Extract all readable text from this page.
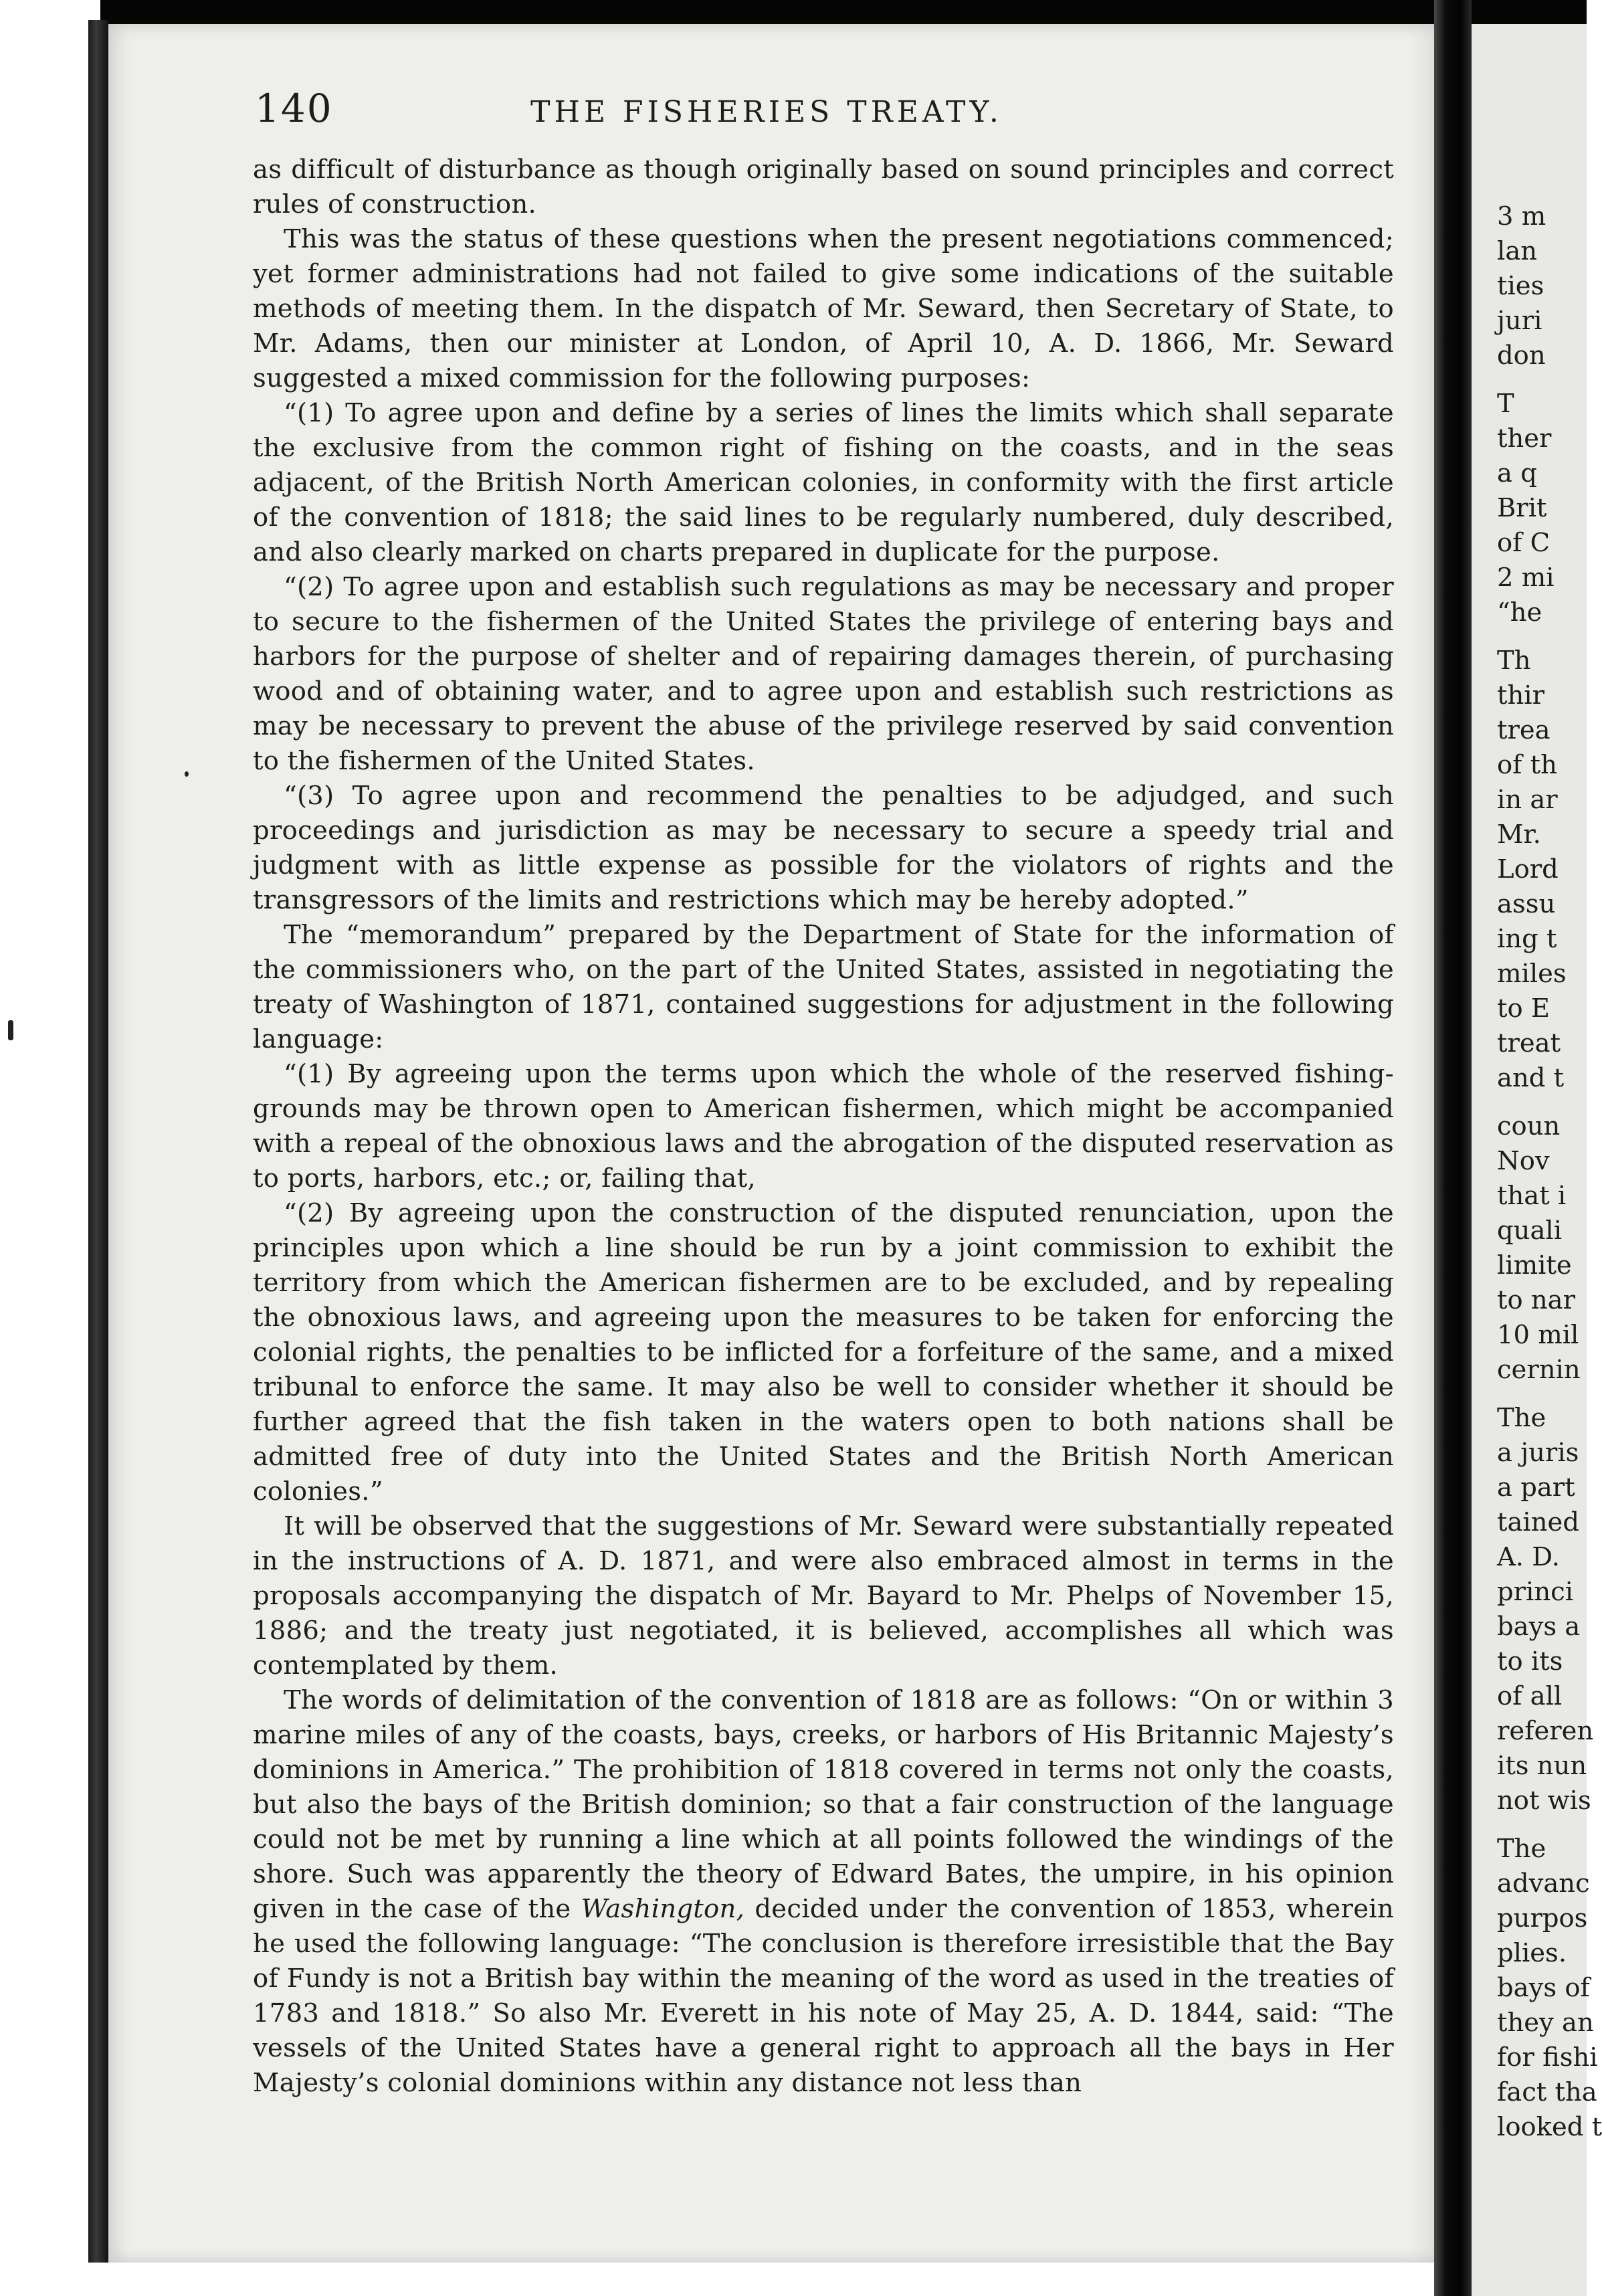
140	THE FISHERIES TREATY.

as difficult of disturbance as though originally based on sound principles and correct rules of construction.

This was the status of these questions when the present negotiations commenced; yet former administrations had not failed to give some indications of the suitable methods of meeting them. In the dispatch of Mr. Seward, then Secretary of State, to Mr. Adams, then our minister at London, of April 10, A. D. 1866, Mr. Seward suggested a mixed commission for the following purposes:

“(1) To agree upon and define by a series of lines the limits which shall separate the exclusive from the common right of fishing on the coasts, and in the seas adjacent, of the British North American colonies, in conformity with the first article of the convention of 1818; the said lines to be regularly numbered, duly described, and also clearly marked on charts prepared in duplicate for the purpose.

“(2) To agree upon and establish such regulations as may be necessary and proper to secure to the fishermen of the United States the privilege of entering bays and harbors for the purpose of shelter and of repairing damages therein, of purchasing wood and of obtaining water, and to agree upon and establish such restrictions as may be necessary to prevent the abuse of the privilege reserved by said convention to the fishermen of the United States.

“(3) To agree upon and recommend the penalties to be adjudged, and such proceedings and jurisdiction as may be necessary to secure a speedy trial and judgment with as little expense as possible for the violators of rights and the transgressors of the limits and restrictions which may be hereby adopted.”

The “memorandum” prepared by the Department of State for the information of the commissioners who, on the part of the United States, assisted in negotiating the treaty of Washington of 1871, contained suggestions for adjustment in the following language:

“(1) By agreeing upon the terms upon which the whole of the reserved fishing-grounds may be thrown open to American fishermen, which might be accompanied with a repeal of the obnoxious laws and the abrogation of the disputed reservation as to ports, harbors, etc.; or, failing that,

“(2) By agreeing upon the construction of the disputed renunciation, upon the principles upon which a line should be run by a joint commission to exhibit the territory from which the American fishermen are to be excluded, and by repealing the obnoxious laws, and agreeing upon the measures to be taken for enforcing the colonial rights, the penalties to be inflicted for a forfeiture of the same, and a mixed tribunal to enforce the same. It may also be well to consider whether it should be further agreed that the fish taken in the waters open to both nations shall be admitted free of duty into the United States and the British North American colonies.”

It will be observed that the suggestions of Mr. Seward were substantially repeated in the instructions of A. D. 1871, and were also embraced almost in terms in the proposals accompanying the dispatch of Mr. Bayard to Mr. Phelps of November 15, 1886; and the treaty just negotiated, it is believed, accomplishes all which was contemplated by them.

The words of delimitation of the convention of 1818 are as follows: “On or within 3 marine miles of any of the coasts, bays, creeks, or harbors of His Britannic Majesty’s dominions in America.” The prohibition of 1818 covered in terms not only the coasts, but also the bays of the British dominion; so that a fair construction of the language could not be met by running a line which at all points followed the windings of the shore. Such was apparently the theory of Edward Bates, the umpire, in his opinion given in the case of the Washington, decided under the convention of 1853, wherein he used the following language: “The conclusion is therefore irresistible that the Bay of Fundy is not a British bay within the meaning of the word as used in the treaties of 1783 and 1818.” So also Mr. Everett in his note of May 25, A. D. 1844, said: “The vessels of the United States have a general right to approach all the bays in Her Majesty’s colonial dominions within any distance not less than

3 m
lan
ties
juri
don
T
ther
a q
Brit
of C
2 mi
“he
Th
thir
trea
of th
in ar
Mr.
Lord
assu
ing t
miles
to E
treat
and t
coun
Nov
that i
quali
limite
to nar
10 mil
cernin
The
a juris
a part
tained
A. D.
princi
bays a
to its
of all
referen
its nun
not wis
The
advanc
purpos
plies.
bays of
they an
for fishi
fact tha
looked t
